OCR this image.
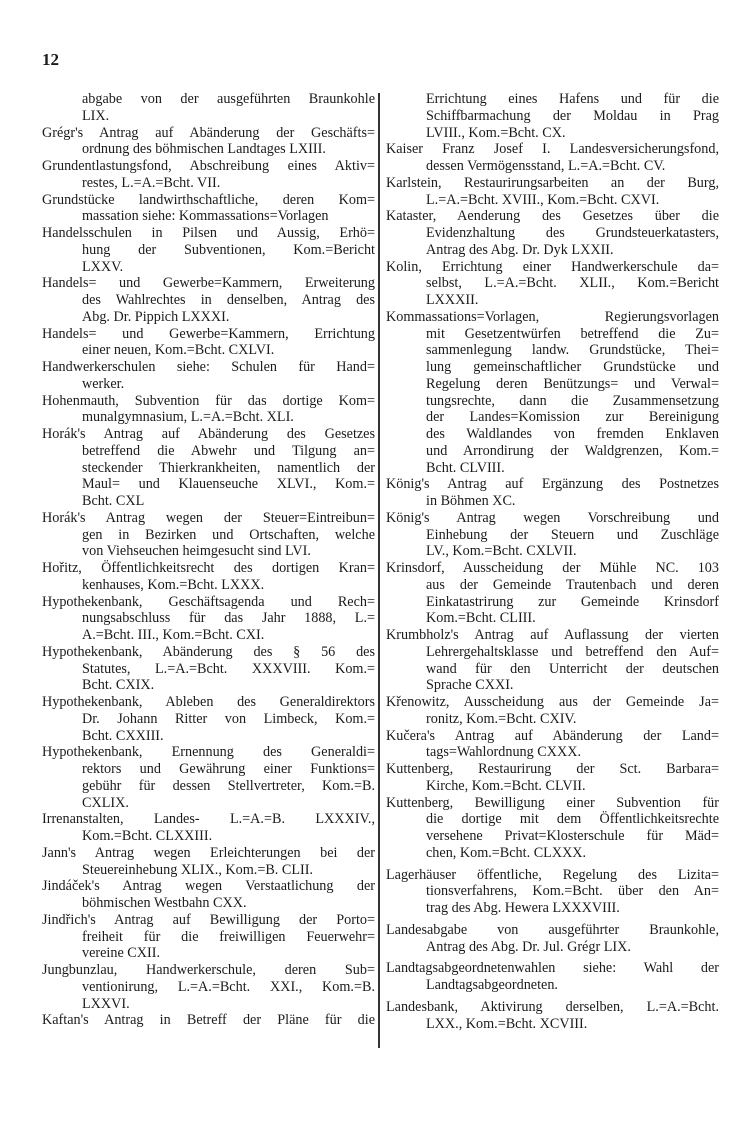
12
abgabe von der ausgeführten Braunkohle
LIX.
Grégr's Antrag auf Abänderung der Geschäfts=
ordnung des böhmischen Landtages LXIII.
Grundentlastungsfond, Abschreibung eines Aktiv=
restes, L.=A.=Bcht. VII.
Grundstücke landwirthschaftliche, deren Kom=
massation siehe: Kommassations=Vorlagen
Handelsschulen in Pilsen und Aussig, Erhö=
hung der Subventionen, Kom.=Bericht
LXXV.
Handels= und Gewerbe=Kammern, Erweiterung
des Wahlrechtes in denselben, Antrag des
Abg. Dr. Pippich LXXXI.
Handels= und Gewerbe=Kammern, Errichtung
einer neuen, Kom.=Bcht. CXLVI.
Handwerkerschulen siehe: Schulen für Hand=
werker.
Hohenmauth, Subvention für das dortige Kom=
munalgymnasium, L.=A.=Bcht. XLI.
Horák's Antrag auf Abänderung des Gesetzes
betreffend die Abwehr und Tilgung an=
steckender Thierkrankheiten, namentlich der
Maul= und Klauenseuche XLVI., Kom.=
Bcht. CXL
Horák's Antrag wegen der Steuer=Eintreibun=
gen in Bezirken und Ortschaften, welche
von Viehseuchen heimgesucht sind LVI.
Hořitz, Öffentlichkeitsrecht des dortigen Kran=
kenhauses, Kom.=Bcht. LXXX.
Hypothekenbank, Geschäftsagenda und Rech=
nungsabschluss für das Jahr 1888, L.=
A.=Bcht. III., Kom.=Bcht. CXI.
Hypothekenbank, Abänderung des § 56 des
Statutes, L.=A.=Bcht. XXXVIII. Kom.=
Bcht. CXIX.
Hypothekenbank, Ableben des Generaldirektors
Dr. Johann Ritter von Limbeck, Kom.=
Bcht. CXXIII.
Hypothekenbank, Ernennung des Generaldi=
rektors und Gewährung einer Funktions=
gebühr für dessen Stellvertreter, Kom.=B.
CXLIX.
Irrenanstalten, Landes- L.=A.=B. LXXXIV.,
Kom.=Bcht. CLXXIII.
Jann's Antrag wegen Erleichterungen bei der
Steuereinhebung XLIX., Kom.=B. CLII.
Jindáček's Antrag wegen Verstaatlichung der
böhmischen Westbahn CXX.
Jindřich's Antrag auf Bewilligung der Porto=
freiheit für die freiwilligen Feuerwehr=
vereine CXII.
Jungbunzlau, Handwerkerschule, deren Sub=
ventionirung, L.=A.=Bcht. XXI., Kom.=B.
LXXVI.
Kaftan's Antrag in Betreff der Pläne für die
Errichtung eines Hafens und für die
Schiffbarmachung der Moldau in Prag
LVIII., Kom.=Bcht. CX.
Kaiser Franz Josef I. Landesversicherungsfond,
dessen Vermögensstand, L.=A.=Bcht. CV.
Karlstein, Restaurirungsarbeiten an der Burg,
L.=A.=Bcht. XVIII., Kom.=Bcht. CXVI.
Kataster, Aenderung des Gesetzes über die
Evidenzhaltung des Grundsteuerkatasters,
Antrag des Abg. Dr. Dyk LXXII.
Kolin, Errichtung einer Handwerkerschule da=
selbst, L.=A.=Bcht. XLII., Kom.=Bericht
LXXXII.
Kommassations=Vorlagen, Regierungsvorlagen
mit Gesetzentwürfen betreffend die Zu=
sammenlegung landw. Grundstücke, Thei=
lung gemeinschaftlicher Grundstücke und
Regelung deren Benützungs= und Verwal=
tungsrechte, dann die Zusammensetzung
der Landes=Komission zur Bereinigung
des Waldlandes von fremden Enklaven
und Arrondirung der Waldgrenzen, Kom.=
Bcht. CLVIII.
König's Antrag auf Ergänzung des Postnetzes
in Böhmen XC.
König's Antrag wegen Vorschreibung und
Einhebung der Steuern und Zuschläge
LV., Kom.=Bcht. CXLVII.
Krinsdorf, Ausscheidung der Mühle NC. 103
aus der Gemeinde Trautenbach und deren
Einkatastrirung zur Gemeinde Krinsdorf
Kom.=Bcht. CLIII.
Krumbholz's Antrag auf Auflassung der vierten
Lehrergehaltsklasse und betreffend den Auf=
wand für den Unterricht der deutschen
Sprache CXXI.
Křenowitz, Ausscheidung aus der Gemeinde Ja=
ronitz, Kom.=Bcht. CXIV.
Kučera's Antrag auf Abänderung der Land=
tags=Wahlordnung CXXX.
Kuttenberg, Restaurirung der Sct. Barbara=
Kirche, Kom.=Bcht. CLVII.
Kuttenberg, Bewilligung einer Subvention für
die dortige mit dem Öffentlichkeitsrechte
versehene Privat=Klosterschule für Mäd=
chen, Kom.=Bcht. CLXXX.
Lagerhäuser öffentliche, Regelung des Lizita=
tionsverfahrens, Kom.=Bcht. über den An=
trag des Abg. Hewera LXXXVIII.
Landesabgabe von ausgeführter Braunkohle,
Antrag des Abg. Dr. Jul. Grégr LIX.
Landtagsabgeordnetenwahlen siehe: Wahl der
Landtagsabgeordneten.
Landesbank, Aktivirung derselben, L.=A.=Bcht.
LXX., Kom.=Bcht. XCVIII.
